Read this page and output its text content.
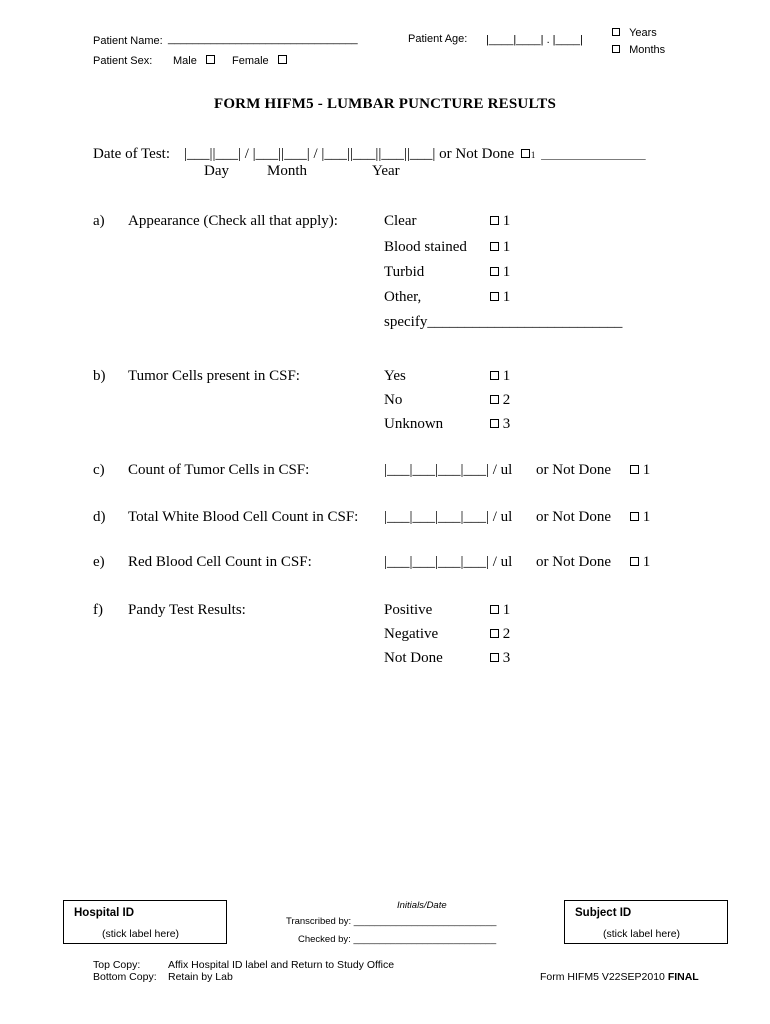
Patient Name: _______________________________
Patient Sex: Male	Female
Patient Age: |____|____| . |____|
Years
Months
FORM HIFM5 - LUMBAR PUNCTURE RESULTS
Date of Test: |___||___| / |___||___| / |___||___||___||___| or Not Done 1 ___________________
Day	Month	Year
a) Appearance (Check all that apply):	Clear	1
Blood stained	1
Turbid	1
Other,	1
specify__________________________
b) Tumor Cells present in CSF:	Yes	1
No	2
Unknown	3
c) Count of Tumor Cells in CSF:	|___|___|___|___| / ul or Not Done	1
d) Total White Blood Cell Count in CSF: |___|___|___|___| / ul or Not Done	1
e) Red Blood Cell Count in CSF:	|___|___|___|___| / ul or Not Done	1
f) Pandy Test Results:	Positive	1
Negative	2
Not Done	3
Hospital ID
(stick label here)
Initials/Date
Transcribed by: ___________________________
Checked by: ___________________________
Subject ID
(stick label here)
Top Copy:	Affix Hospital ID label and Return to Study Office
Bottom Copy: Retain by Lab	Form HIFM5 V22SEP2010 FINAL
